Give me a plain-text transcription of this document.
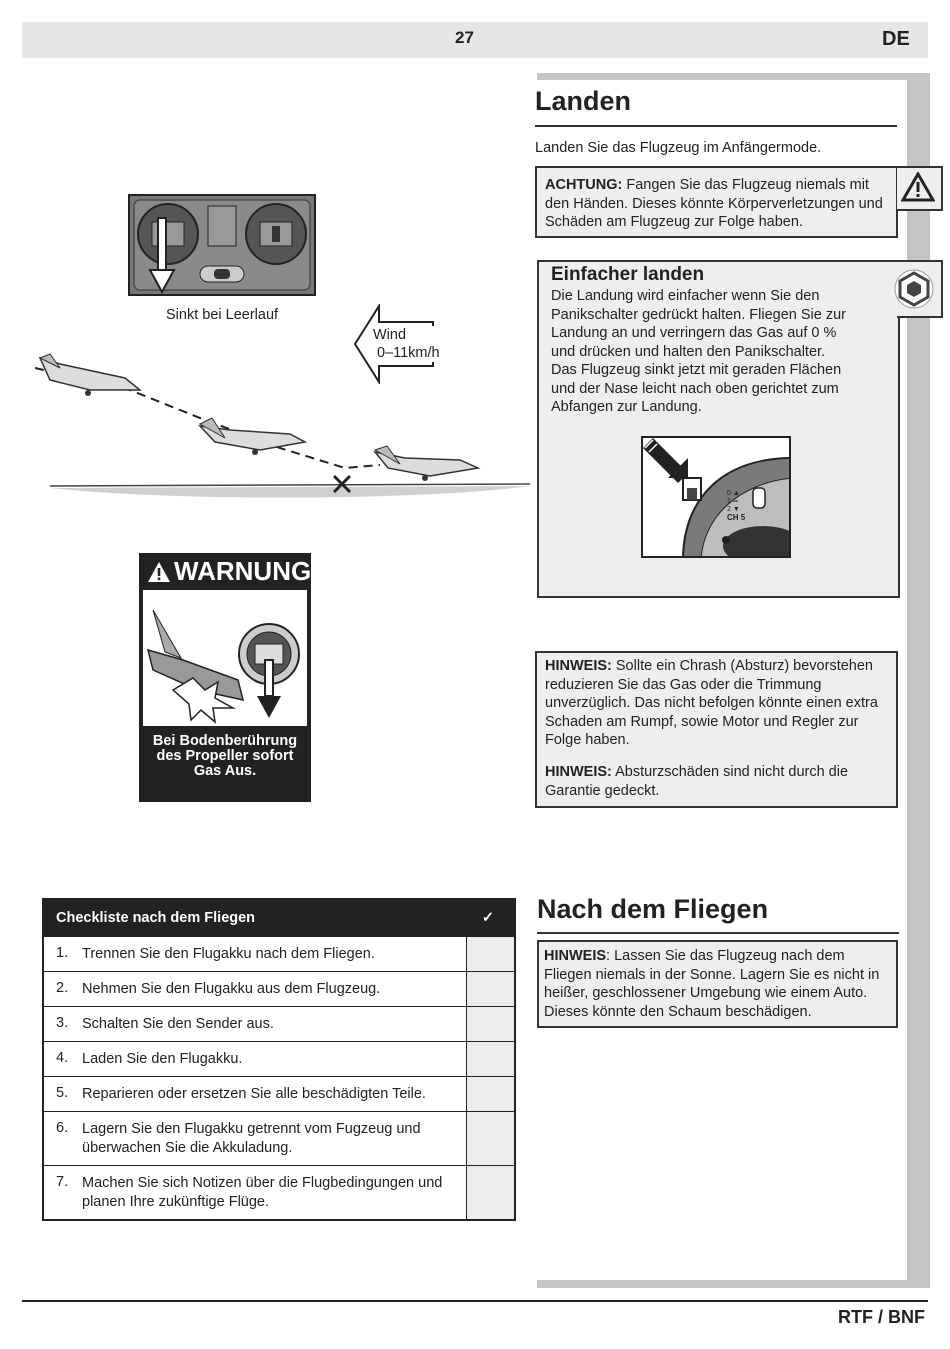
27	DE
Landen
Landen Sie das Flugzeug im Anfängermode.
ACHTUNG: Fangen Sie das Flugzeug niemals mit den Händen. Dieses könnte Körperverletzungen und Schäden am Flugzeug zur Folge haben.
Einfacher landen
Die Landung wird einfacher wenn Sie den Panikschalter gedrückt halten. Fliegen Sie zur Landung an und verringern das Gas auf 0 % und drücken und halten den Panikschalter. Das Flugzeug sinkt jetzt mit geraden Flächen und der Nase leicht nach oben gerichtet zum Abfangen zur Landung.
0 ▲
1 ═
2 ▼
CH 5
HINWEIS: Sollte ein Chrash (Absturz) bevorstehen reduzieren Sie das Gas oder die Trimmung unverzüglich. Das nicht befolgen könnte einen extra Schaden am Rumpf, sowie Motor und Regler zur Folge haben.
HINWEIS: Absturzschäden sind nicht durch die Garantie gedeckt.
Sinkt bei Leerlauf
Wind
0–11km/h
WARNUNG
Bei Bodenberührung des Propeller sofort Gas Aus.
Checkliste nach dem Fliegen	✓
1. Trennen Sie den Flugakku nach dem Fliegen.
2. Nehmen Sie den Flugakku aus dem Flugzeug.
3. Schalten Sie den Sender aus.
4. Laden Sie den Flugakku.
5. Reparieren oder ersetzen Sie alle beschädigten Teile.
6. Lagern Sie den Flugakku getrennt vom Fugzeug und überwachen Sie die Akkuladung.
7. Machen Sie sich Notizen über die Flugbedingungen und planen Ihre zukünftige Flüge.
Nach dem Fliegen
HINWEIS: Lassen Sie das Flugzeug nach dem Fliegen niemals in der Sonne. Lagern Sie es nicht in heißer, geschlossener Umgebung wie einem Auto. Dieses könnte den Schaum beschädigen.
RTF / BNF
